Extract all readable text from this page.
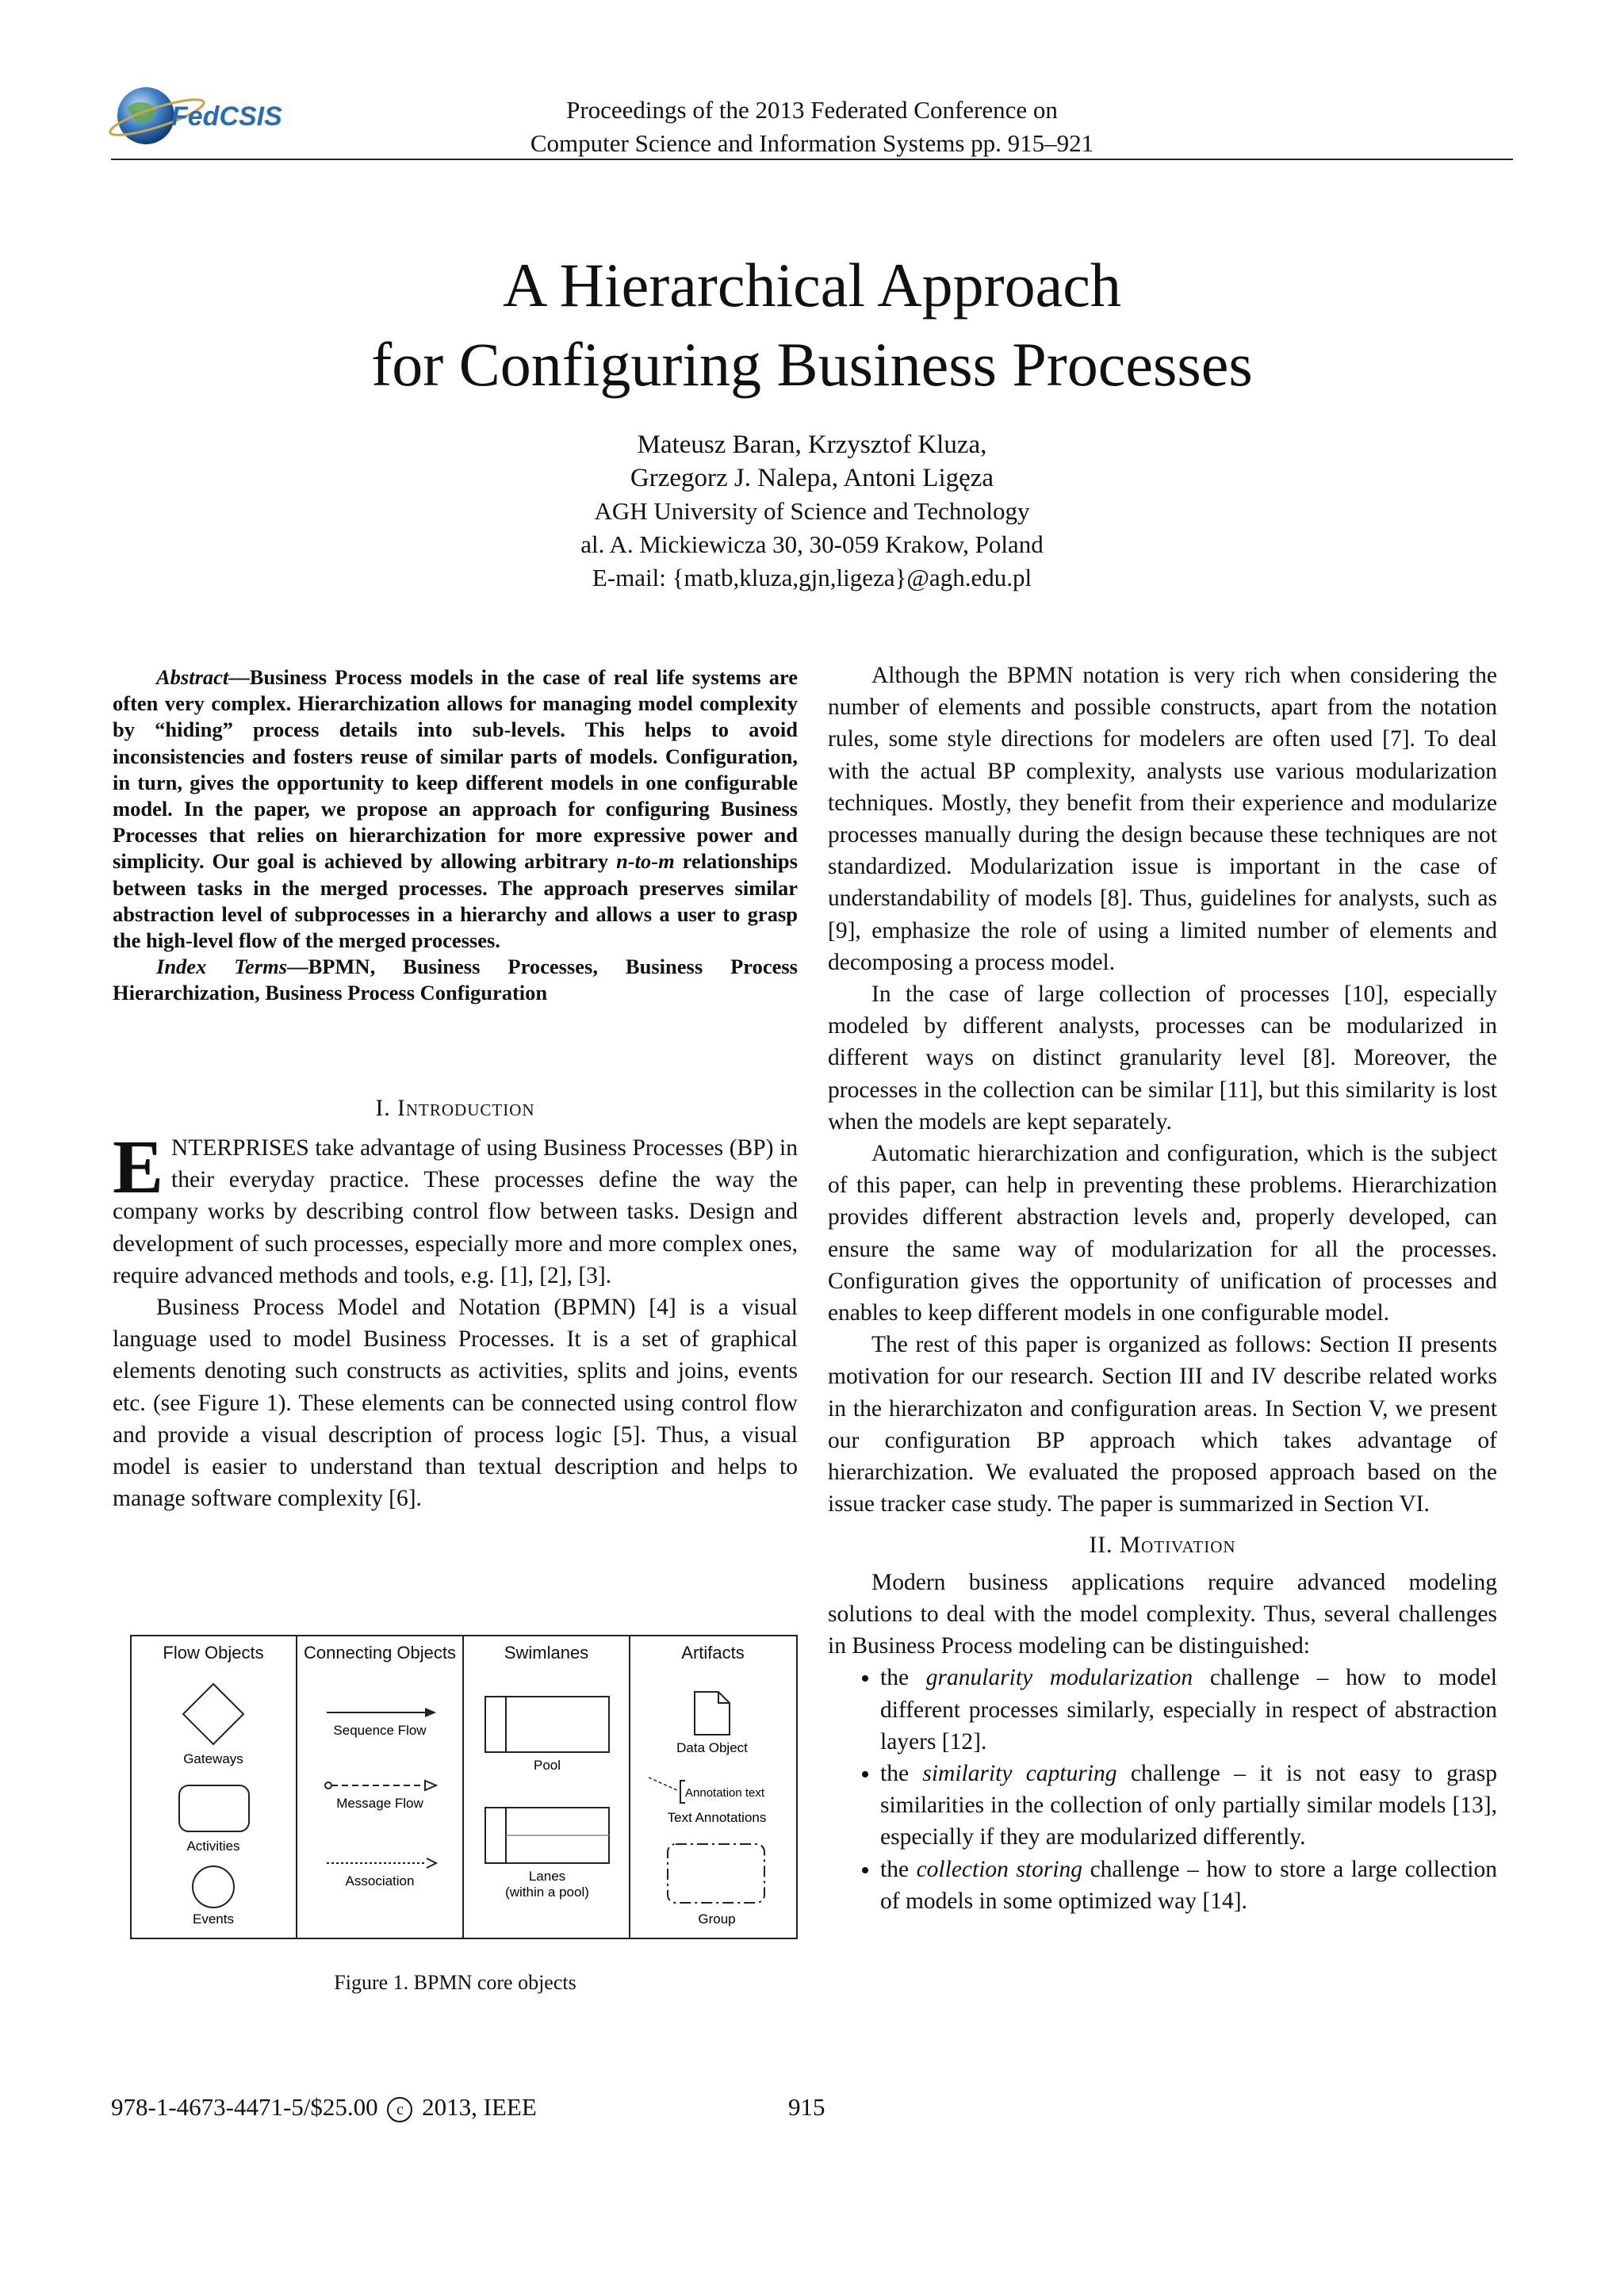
FedCSIS	Proceedings of the 2013 Federated Conference on
Computer Science and Information Systems pp. 915–921
A Hierarchical Approach
for Configuring Business Processes
Mateusz Baran, Krzysztof Kluza,
Grzegorz J. Nalepa, Antoni Ligęza
AGH University of Science and Technology
al. A. Mickiewicza 30, 30-059 Krakow, Poland
E-mail: {matb,kluza,gjn,ligeza}@agh.edu.pl

Abstract—Business Process models in the case of real life systems are often very complex. Hierarchization allows for managing model complexity by “hiding” process details into sub-levels. This helps to avoid inconsistencies and fosters reuse of similar parts of models. Configuration, in turn, gives the opportunity to keep different models in one configurable model. In the paper, we propose an approach for configuring Business Processes that relies on hierarchization for more expressive power and simplicity. Our goal is achieved by allowing arbitrary n-to-m relationships between tasks in the merged processes. The approach preserves similar abstraction level of subprocesses in a hierarchy and allows a user to grasp the high-level flow of the merged processes.

Index Terms—BPMN, Business Processes, Business Process Hierarchization, Business Process Configuration

I. Introduction

ENTERPRISES take advantage of using Business Processes (BP) in their everyday practice. These processes define the way the company works by describing control flow between tasks. Design and development of such processes, especially more and more complex ones, require advanced methods and tools, e.g. [1], [2], [3].

Business Process Model and Notation (BPMN) [4] is a visual language used to model Business Processes. It is a set of graphical elements denoting such constructs as activities, splits and joins, events etc. (see Figure 1). These elements can be connected using control flow and provide a visual description of process logic [5]. Thus, a visual model is easier to understand than textual description and helps to manage software complexity [6].

Flow Objects Connecting Objects	Swimlanes	Artifacts
Gateways
Activities
Events
Sequence Flow
Message Flow
Association
Pool
Lanes
(within a pool)
Data Object
Annotation text
Text Annotations
Group
Figure 1. BPMN core objects

Although the BPMN notation is very rich when considering the number of elements and possible constructs, apart from the notation rules, some style directions for modelers are often used [7]. To deal with the actual BP complexity, analysts use various modularization techniques. Mostly, they benefit from their experience and modularize processes manually during the design because these techniques are not standardized. Modularization issue is important in the case of understandability of models [8]. Thus, guidelines for analysts, such as [9], emphasize the role of using a limited number of elements and decomposing a process model.

In the case of large collection of processes [10], especially modeled by different analysts, processes can be modularized in different ways on distinct granularity level [8]. Moreover, the processes in the collection can be similar [11], but this similarity is lost when the models are kept separately.

Automatic hierarchization and configuration, which is the subject of this paper, can help in preventing these problems. Hierarchization provides different abstraction levels and, properly developed, can ensure the same way of modularization for all the processes. Configuration gives the opportunity of unification of processes and enables to keep different models in one configurable model.

The rest of this paper is organized as follows: Section II presents motivation for our research. Section III and IV describe related works in the hierarchizaton and configuration areas. In Section V, we present our configuration BP approach which takes advantage of hierarchization. We evaluated the proposed approach based on the issue tracker case study. The paper is summarized in Section VI.

II. Motivation

Modern business applications require advanced modeling solutions to deal with the model complexity. Thus, several challenges in Business Process modeling can be distinguished:

• the granularity modularization challenge – how to model different processes similarly, especially in respect of abstraction layers [12].
• the similarity capturing challenge – it is not easy to grasp similarities in the collection of only partially similar models [13], especially if they are modularized differently.
• the collection storing challenge – how to store a large collection of models in some optimized way [14].
978-1-4673-4471-5/$25.00 c 2013, IEEE	915
